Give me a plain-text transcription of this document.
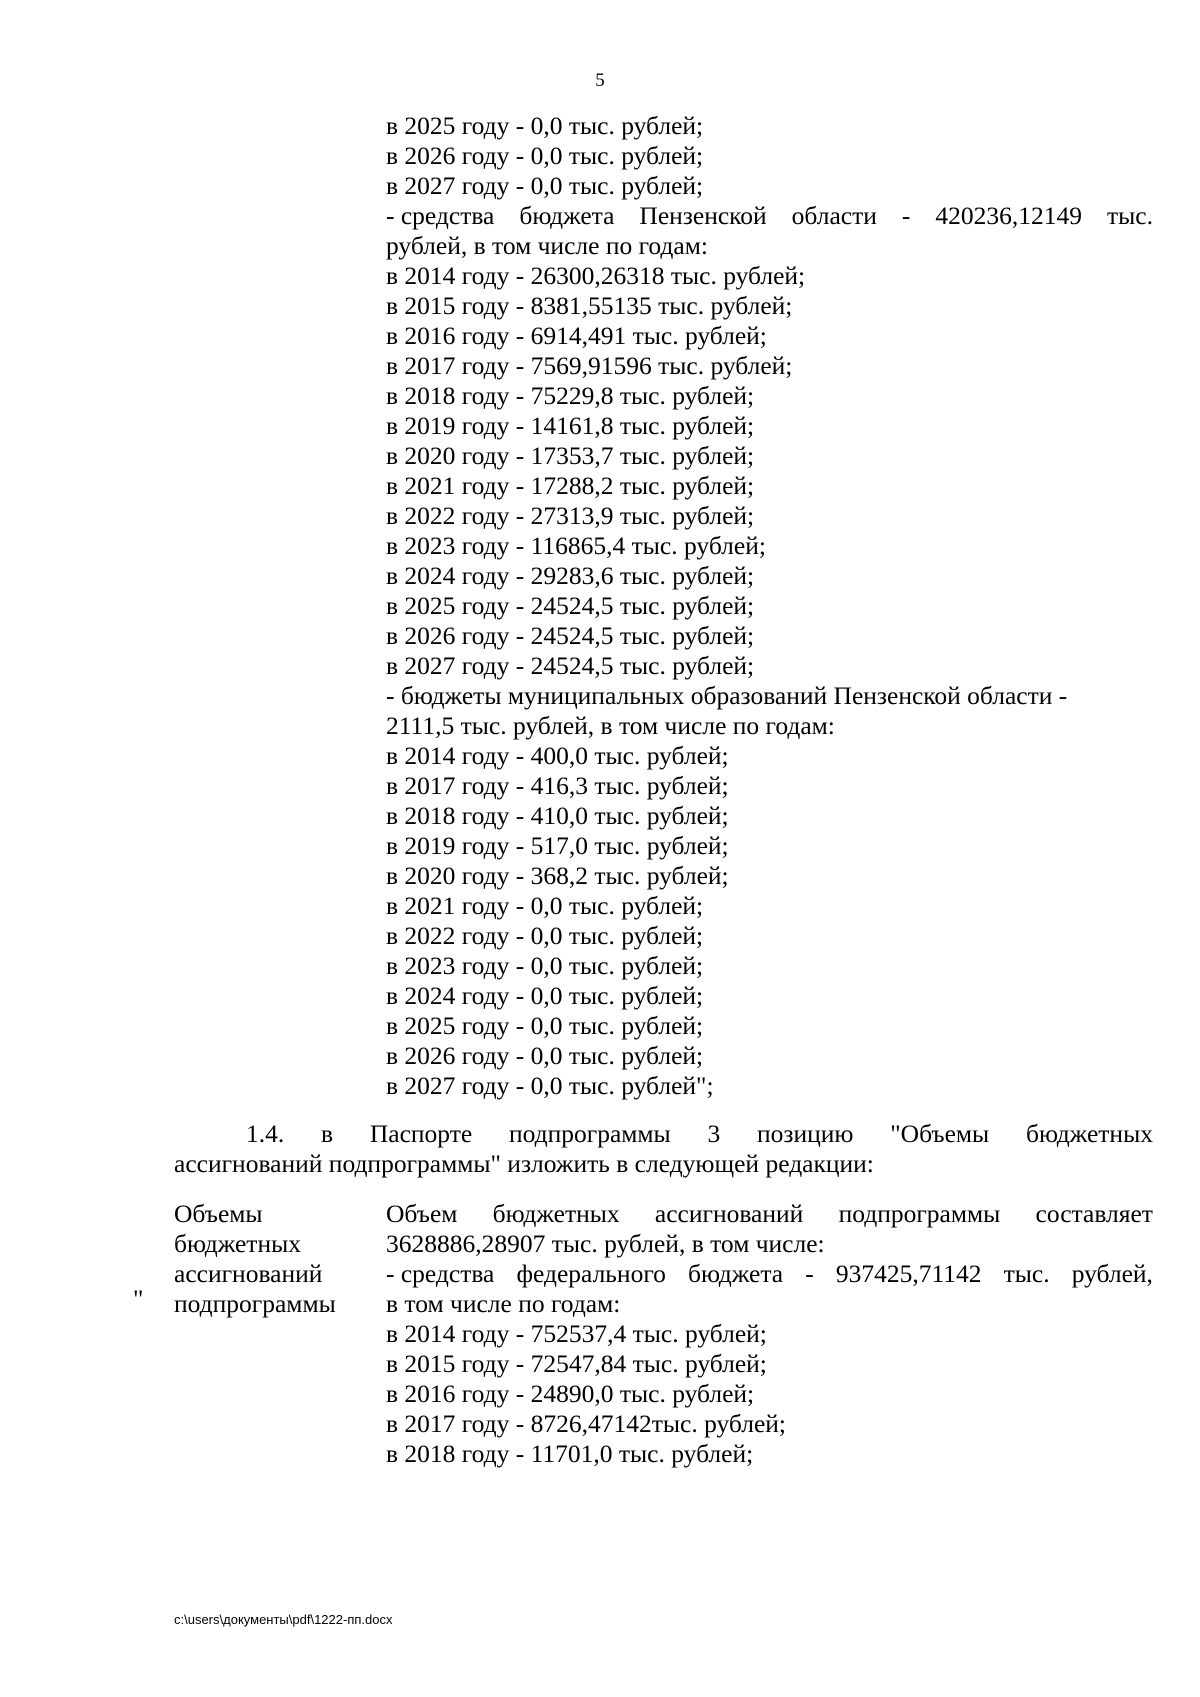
5
в 2025 году - 0,0 тыс. рублей;
в 2026 году - 0,0 тыс. рублей;
в 2027 году - 0,0 тыс. рублей;
- средства бюджета Пензенской области - 420236,12149 тыс.
рублей, в том числе по годам:
в 2014 году - 26300,26318 тыс. рублей;
в 2015 году - 8381,55135 тыс. рублей;
в 2016 году - 6914,491 тыс. рублей;
в 2017 году - 7569,91596 тыс. рублей;
в 2018 году - 75229,8 тыс. рублей;
в 2019 году - 14161,8 тыс. рублей;
в 2020 году - 17353,7 тыс. рублей;
в 2021 году - 17288,2 тыс. рублей;
в 2022 году - 27313,9 тыс. рублей;
в 2023 году - 116865,4 тыс. рублей;
в 2024 году - 29283,6 тыс. рублей;
в 2025 году - 24524,5 тыс. рублей;
в 2026 году - 24524,5 тыс. рублей;
в 2027 году - 24524,5 тыс. рублей;
- бюджеты муниципальных образований Пензенской области -
2111,5 тыс. рублей, в том числе по годам:
в 2014 году - 400,0 тыс. рублей;
в 2017 году - 416,3 тыс. рублей;
в 2018 году - 410,0 тыс. рублей;
в 2019 году - 517,0 тыс. рублей;
в 2020 году - 368,2 тыс. рублей;
в 2021 году - 0,0 тыс. рублей;
в 2022 году - 0,0 тыс. рублей;
в 2023 году - 0,0 тыс. рублей;
в 2024 году - 0,0 тыс. рублей;
в 2025 году - 0,0 тыс. рублей;
в 2026 году - 0,0 тыс. рублей;
в 2027 году - 0,0 тыс. рублей";
1.4. в Паспорте подпрограммы 3 позицию "Объемы бюджетных
ассигнований подпрограммы" изложить в следующей редакции:
"
Объемы
бюджетных
ассигнований
подпрограммы
Объем бюджетных ассигнований подпрограммы составляет
3628886,28907 тыс. рублей, в том числе:
- средства федерального бюджета - 937425,71142 тыс. рублей,
в том числе по годам:
в 2014 году - 752537,4 тыс. рублей;
в 2015 году - 72547,84 тыс. рублей;
в 2016 году - 24890,0 тыс. рублей;
в 2017 году - 8726,47142тыс. рублей;
в 2018 году - 11701,0 тыс. рублей;
c:\users\документы\pdf\1222-пп.docx
